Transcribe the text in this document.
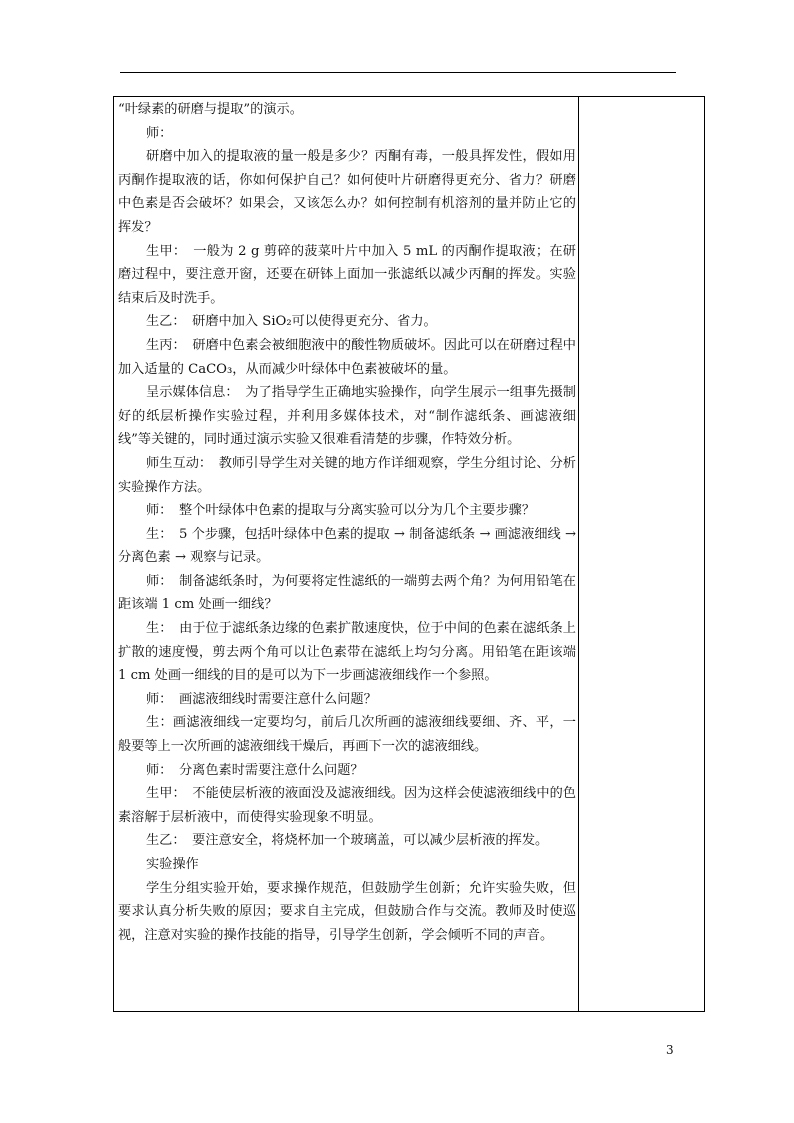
“叶绿素的研磨与提取”的演示。

师：

研磨中加入的提取液的量一般是多少？丙酮有毒，一般具挥发性，假如用丙酮作提取液的话，你如何保护自己？如何使叶片研磨得更充分、省力？研磨中色素是否会破坏？如果会，又该怎么办？如何控制有机溶剂的量并防止它的挥发？

生甲：　一般为 2 g 剪碎的菠菜叶片中加入 5 mL 的丙酮作提取液；在研磨过程中，要注意开窗，还要在研钵上面加一张滤纸以减少丙酮的挥发。实验结束后及时洗手。

生乙：　研磨中加入 SiO₂可以使得更充分、省力。

生丙：　研磨中色素会被细胞液中的酸性物质破坏。因此可以在研磨过程中加入适量的 CaCO₃，从而减少叶绿体中色素被破坏的量。

呈示媒体信息：　为了指导学生正确地实验操作，向学生展示一组事先摄制好的纸层析操作实验过程，并利用多媒体技术，对“制作滤纸条、画滤液细线”等关键的，同时通过演示实验又很难看清楚的步骤，作特效分析。

师生互动：　教师引导学生对关键的地方作详细观察，学生分组讨论、分析实验操作方法。

师：　整个叶绿体中色素的提取与分离实验可以分为几个主要步骤？

生：　5 个步骤，包括叶绿体中色素的提取 → 制备滤纸条 → 画滤液细线 → 分离色素 → 观察与记录。

师：　制备滤纸条时，为何要将定性滤纸的一端剪去两个角？为何用铅笔在距该端 1 cm 处画一细线？

生：　由于位于滤纸条边缘的色素扩散速度快，位于中间的色素在滤纸条上扩散的速度慢，剪去两个角可以让色素带在滤纸上均匀分离。用铅笔在距该端 1 cm 处画一细线的目的是可以为下一步画滤液细线作一个参照。

师：　画滤液细线时需要注意什么问题？

生：画滤液细线一定要均匀，前后几次所画的滤液细线要细、齐、平，一般要等上一次所画的滤液细线干燥后，再画下一次的滤液细线。

师：　分离色素时需要注意什么问题？

生甲：　不能使层析液的液面没及滤液细线。因为这样会使滤液细线中的色素溶解于层析液中，而使得实验现象不明显。

生乙：　要注意安全，将烧杯加一个玻璃盖，可以减少层析液的挥发。

实验操作

学生分组实验开始，要求操作规范，但鼓励学生创新；允许实验失败，但要求认真分析失败的原因；要求自主完成，但鼓励合作与交流。教师及时使巡视，注意对实验的操作技能的指导，引导学生创新，学会倾听不同的声音。

3
